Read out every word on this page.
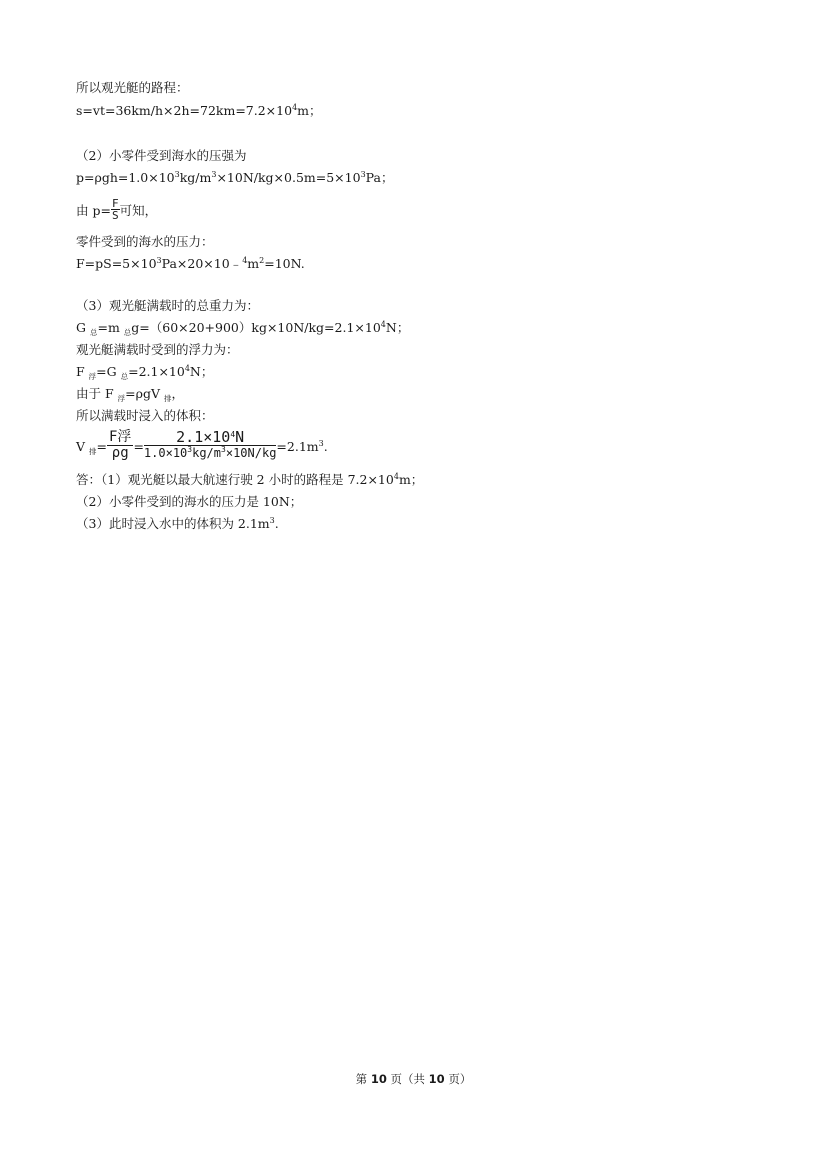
所以观光艇的路程：
$s=vt=36km/h\times 2h=72km=7.2\times 10^4m$；
（2）小零件受到海水的压强为
$p=\rho gh=1.0\times 10^3kg/m^3\times 10N/kg\times 0.5m=5\times 10^3Pa$；
由 $p= \frac{F}{S}$ 可知，
零件受到的海水的压力：
$F=pS=5\times 10^3Pa\times 20\times 10﹣^4m^2=10N$.
（3）观光艇满载时的总重力为：
G $_总$=m $_总g=(60\times 20+900)kg\times 10N/kg=2.1\times 10^4N$；
观光艇满载时受到的浮力为：
F $_浮$=G $_总=2.1\times 10^4N$；
由于 F $_浮$=ρgV $_排$，
所以满载时浸入的体积：
V $_排= \frac{\text{F浮}}{\rho g} = \frac{2.1\times 10^4N}{1.0\times 10^3kg/m^3\times 10N/kg} =2.1m^3$.
答：（1）观光艇以最大航速行驶 2 小时的路程是 $7.2\times 10^4m$；
（2）小零件受到的海水的压力是 10N；
（3）此时浸入水中的体积为 $2.1m^3$.
第 10 页（共 10 页）
